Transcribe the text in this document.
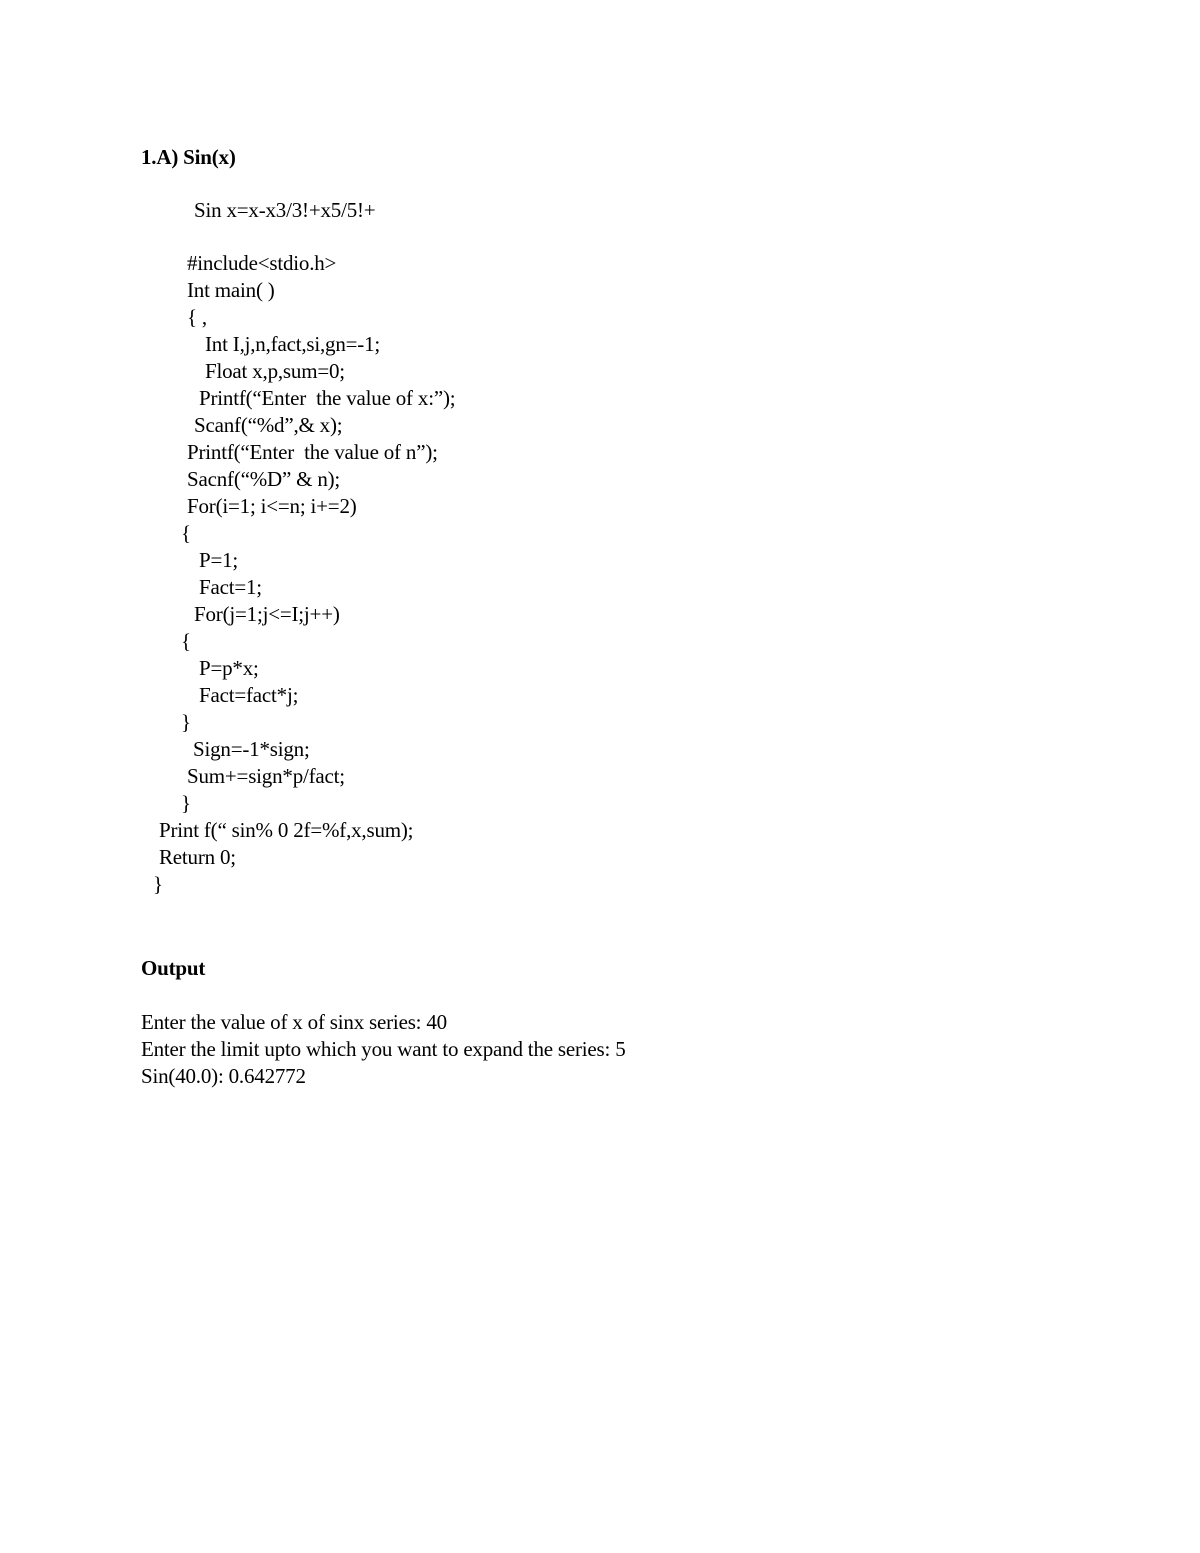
1.A) Sin(x)
Sin x=x-x3/3!+x5/5!+
#include<stdio.h>
Int main( )
{ ,
Int I,j,n,fact,si,gn=-1;
Float x,p,sum=0;
Printf(“Enter  the value of x:”);
Scanf(“%d”,& x);
Printf(“Enter  the value of n”);
Sacnf(“%D” & n);
For(i=1; i<=n; i+=2)
{
P=1;
Fact=1;
For(j=1;j<=I;j++)
{
P=p*x;
Fact=fact*j;
}
Sign=-1*sign;
Sum+=sign*p/fact;
}
Print f(“ sin% 0 2f=%f,x,sum);
Return 0;
}
Output
Enter the value of x of sinx series: 40
Enter the limit upto which you want to expand the series: 5
Sin(40.0): 0.642772
